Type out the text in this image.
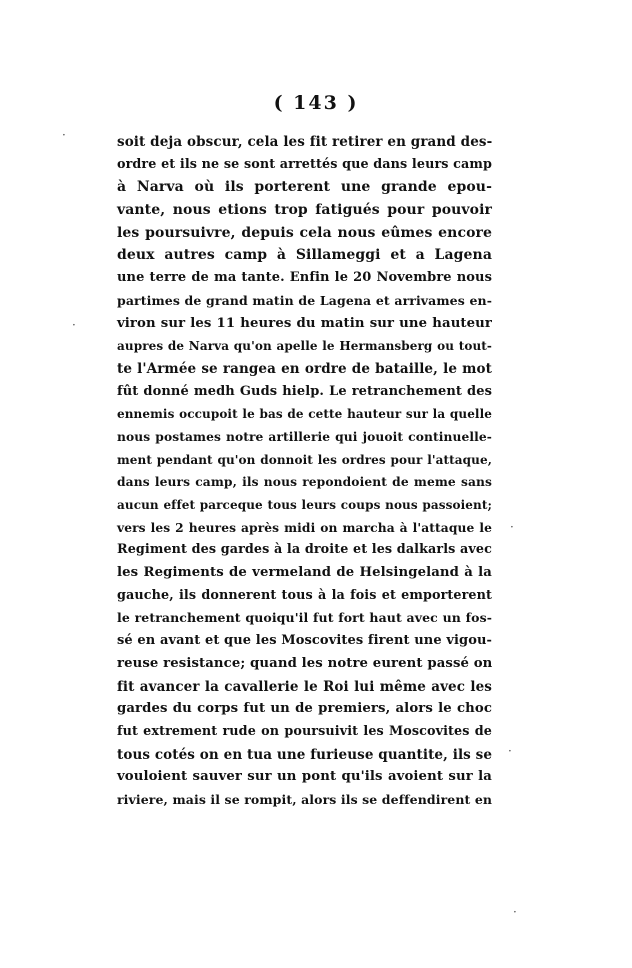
( 143 )
soit deja obscur, cela les fit retirer en grand des-
ordre et ils ne se sont arrettés que dans leurs camp
à Narva où ils porterent une grande epou-
vante, nous etions trop fatigués pour pouvoir
les poursuivre, depuis cela nous eûmes encore
deux autres camp à Sillameggi et a Lagena
une terre de ma tante. Enfin le 20 Novembre nous
partimes de grand matin de Lagena et arrivames en-
viron sur les 11 heures du matin sur une hauteur
aupres de Narva qu'on apelle le Hermansberg ou tout-
te l'Armée se rangea en ordre de bataille, le mot
fût donné medh Guds hielp. Le retranchement des
ennemis occupoit le bas de cette hauteur sur la quelle
nous postames notre artillerie qui jouoit continuelle-
ment pendant qu'on donnoit les ordres pour l'attaque,
dans leurs camp, ils nous repondoient de meme sans
aucun effet parceque tous leurs coups nous passoient;
vers les 2 heures après midi on marcha à l'attaque le
Regiment des gardes à la droite et les dalkarls avec
les Regiments de vermeland de Helsingeland à la
gauche, ils donnerent tous à la fois et emporterent
le retranchement quoiqu'il fut fort haut avec un fos-
sé en avant et que les Moscovites firent une vigou-
reuse resistance; quand les notre eurent passé on
fit avancer la cavallerie le Roi lui même avec les
gardes du corps fut un de premiers, alors le choc
fut extrement rude on poursuivit les Moscovites de
tous cotés on en tua une furieuse quantite, ils se
vouloient sauver sur un pont qu'ils avoient sur la
riviere, mais il se rompit, alors ils se deffendirent en
·
·
·
·
·
